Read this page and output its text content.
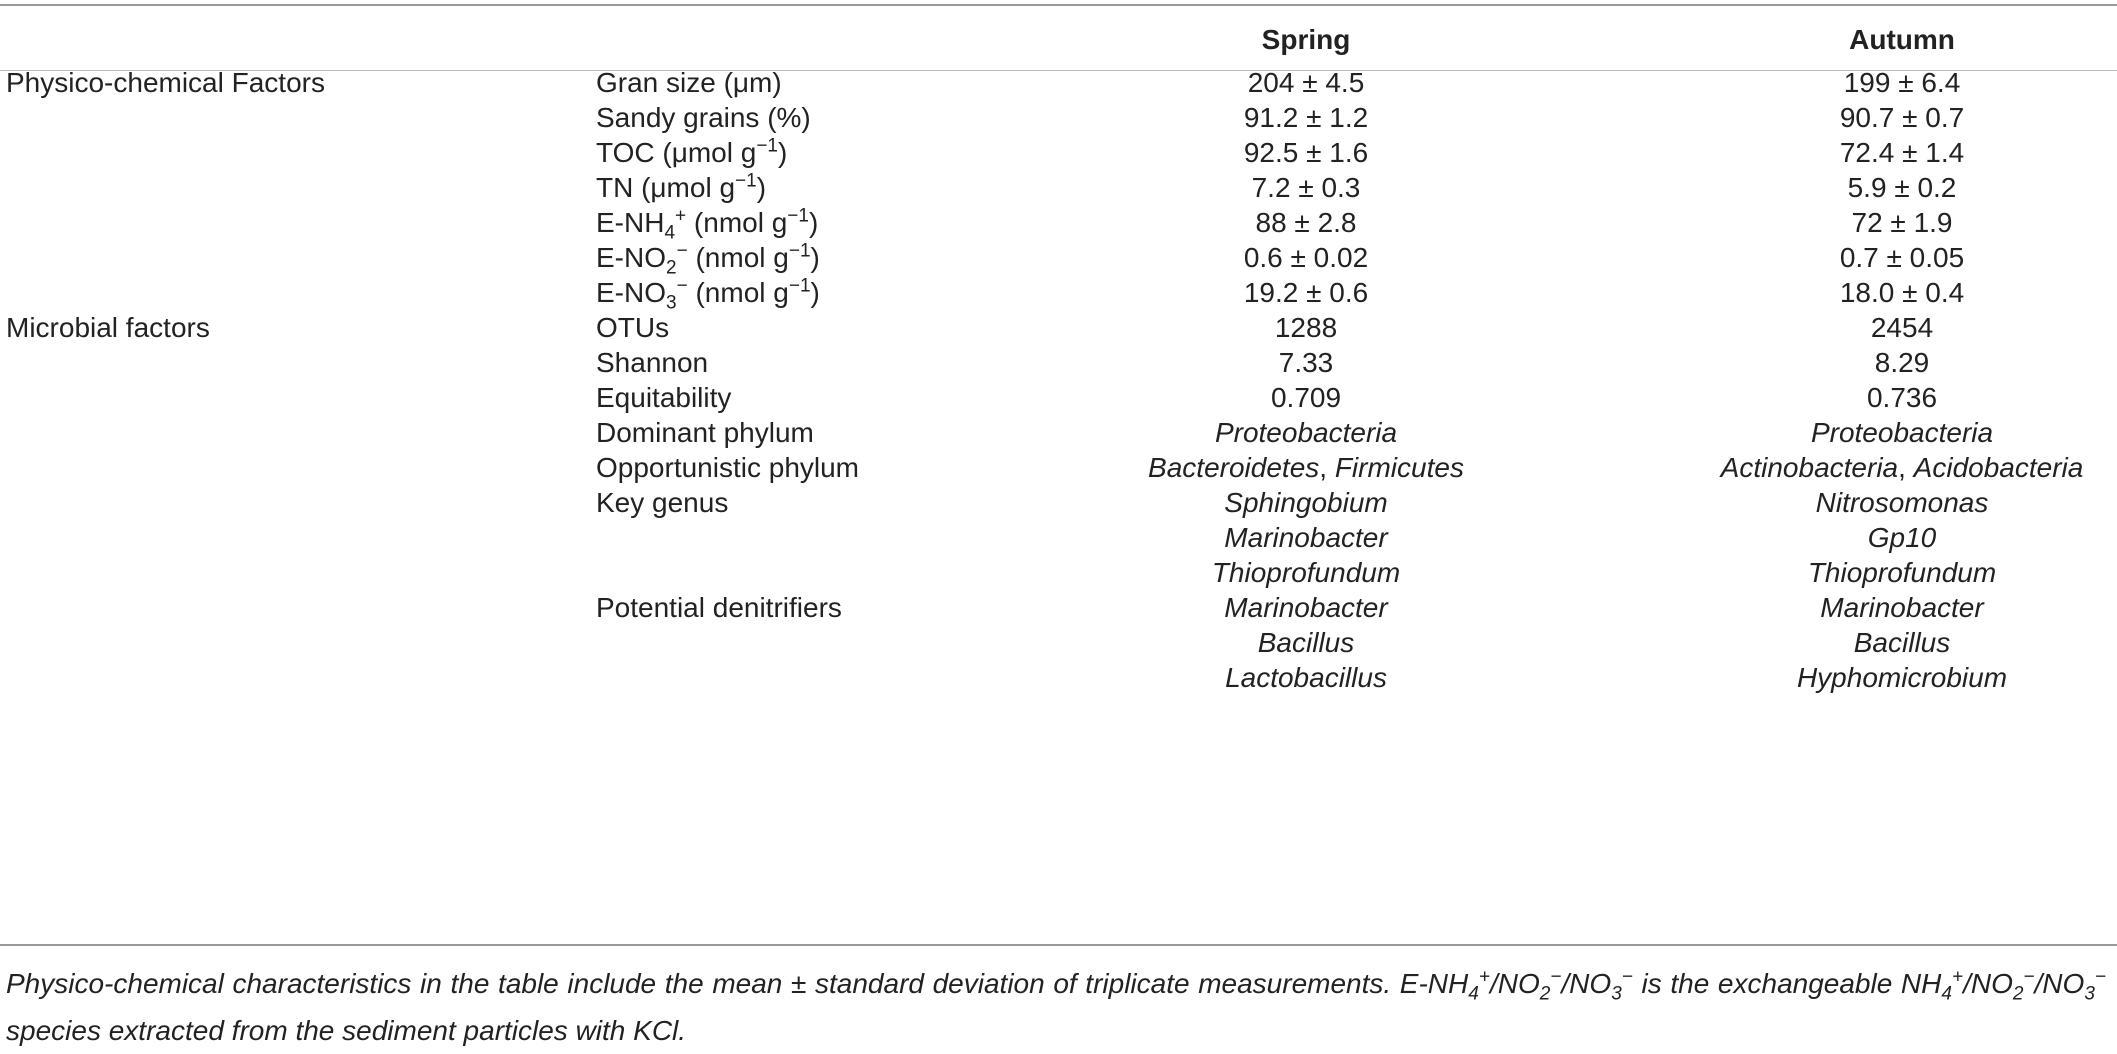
Spring	Autumn
Physico-chemical Factors
Microbial factors
Gran size (μm)	204 ± 4.5	199 ± 6.4
Sandy grains (%)	91.2 ± 1.2	90.7 ± 0.7
TOC (μmol $g^{-1}$)	92.5 ± 1.6	72.4 ± 1.4
TN (μmol $g^{-1}$)	7.2 ± 0.3	5.9 ± 0.2
$E-NH_4^+$ (nmol $g^{-1}$)	88 ± 2.8	72 ± 1.9
$E-NO_2^-$ (nmol $g^{-1}$)	0.6 ± 0.02	0.7 ± 0.05
$E-NO_3^-$ (nmol $g^{-1}$)	19.2 ± 0.6	18.0 ± 0.4
OTUs	1288	2454
Shannon	7.33	8.29
Equitability	0.709	0.736
Dominant phylum	Proteobacteria	Proteobacteria
Opportunistic phylum	Bacteroidetes, Firmicutes	Actinobacteria, Acidobacteria
Key genus	Sphingobium	Nitrosomonas
Marinobacter	Gp10
Thioprofundum	Thioprofundum
Potential denitrifiers	Marinobacter	Marinobacter
Bacillus	Bacillus
Lactobacillus	Hyphomicrobium
Physico-chemical characteristics in the table include the mean ± standard deviation of triplicate measurements. $E-NH_4^+/NO_2^-/NO_3^-$ is the exchangeable $NH_4^+/NO_2^-/NO_3^-$ species extracted from the sediment particles with KCl.
